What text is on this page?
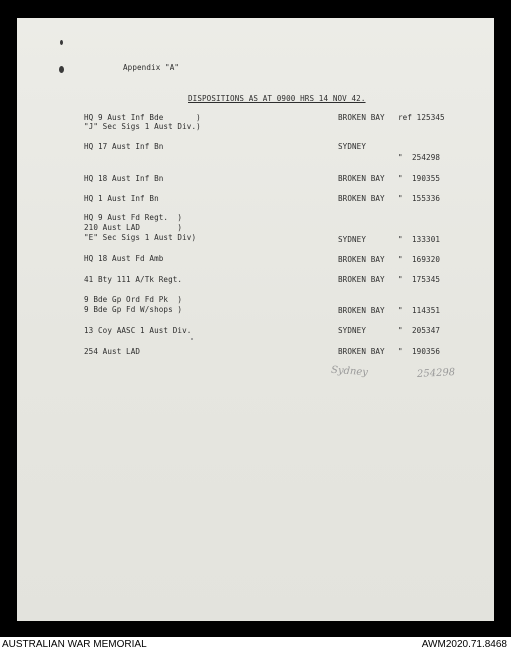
Appendix "A"
DISPOSITIONS AS AT 0900 HRS 14 NOV 42.
HQ 9 Aust Inf Bde       )	BROKEN BAY ref 125345
"J" Sec Sigs 1 Aust Div.)
HQ 17 Aust Inf Bn	SYDNEY
"  254298
HQ 18 Aust Inf Bn	BROKEN BAY "  190355
HQ 1 Aust Inf Bn	BROKEN BAY "  155336
HQ 9 Aust Fd Regt.  )
210 Aust LAD        )
"E" Sec Sigs 1 Aust Div)	SYDNEY	"  133301
HQ 18 Aust Fd Amb	BROKEN BAY "  169320
41 Bty 111 A/Tk Regt.	BROKEN BAY "  175345
9 Bde Gp Ord Fd Pk  )
9 Bde Gp Fd W/shops )	BROKEN BAY "  114351
13 Coy AASC 1 Aust Div.	SYDNEY	"  205347
254 Aust LAD	BROKEN BAY "  190356
Sydney	254298
AUSTRALIAN WAR MEMORIAL	AWM2020.71.8468
